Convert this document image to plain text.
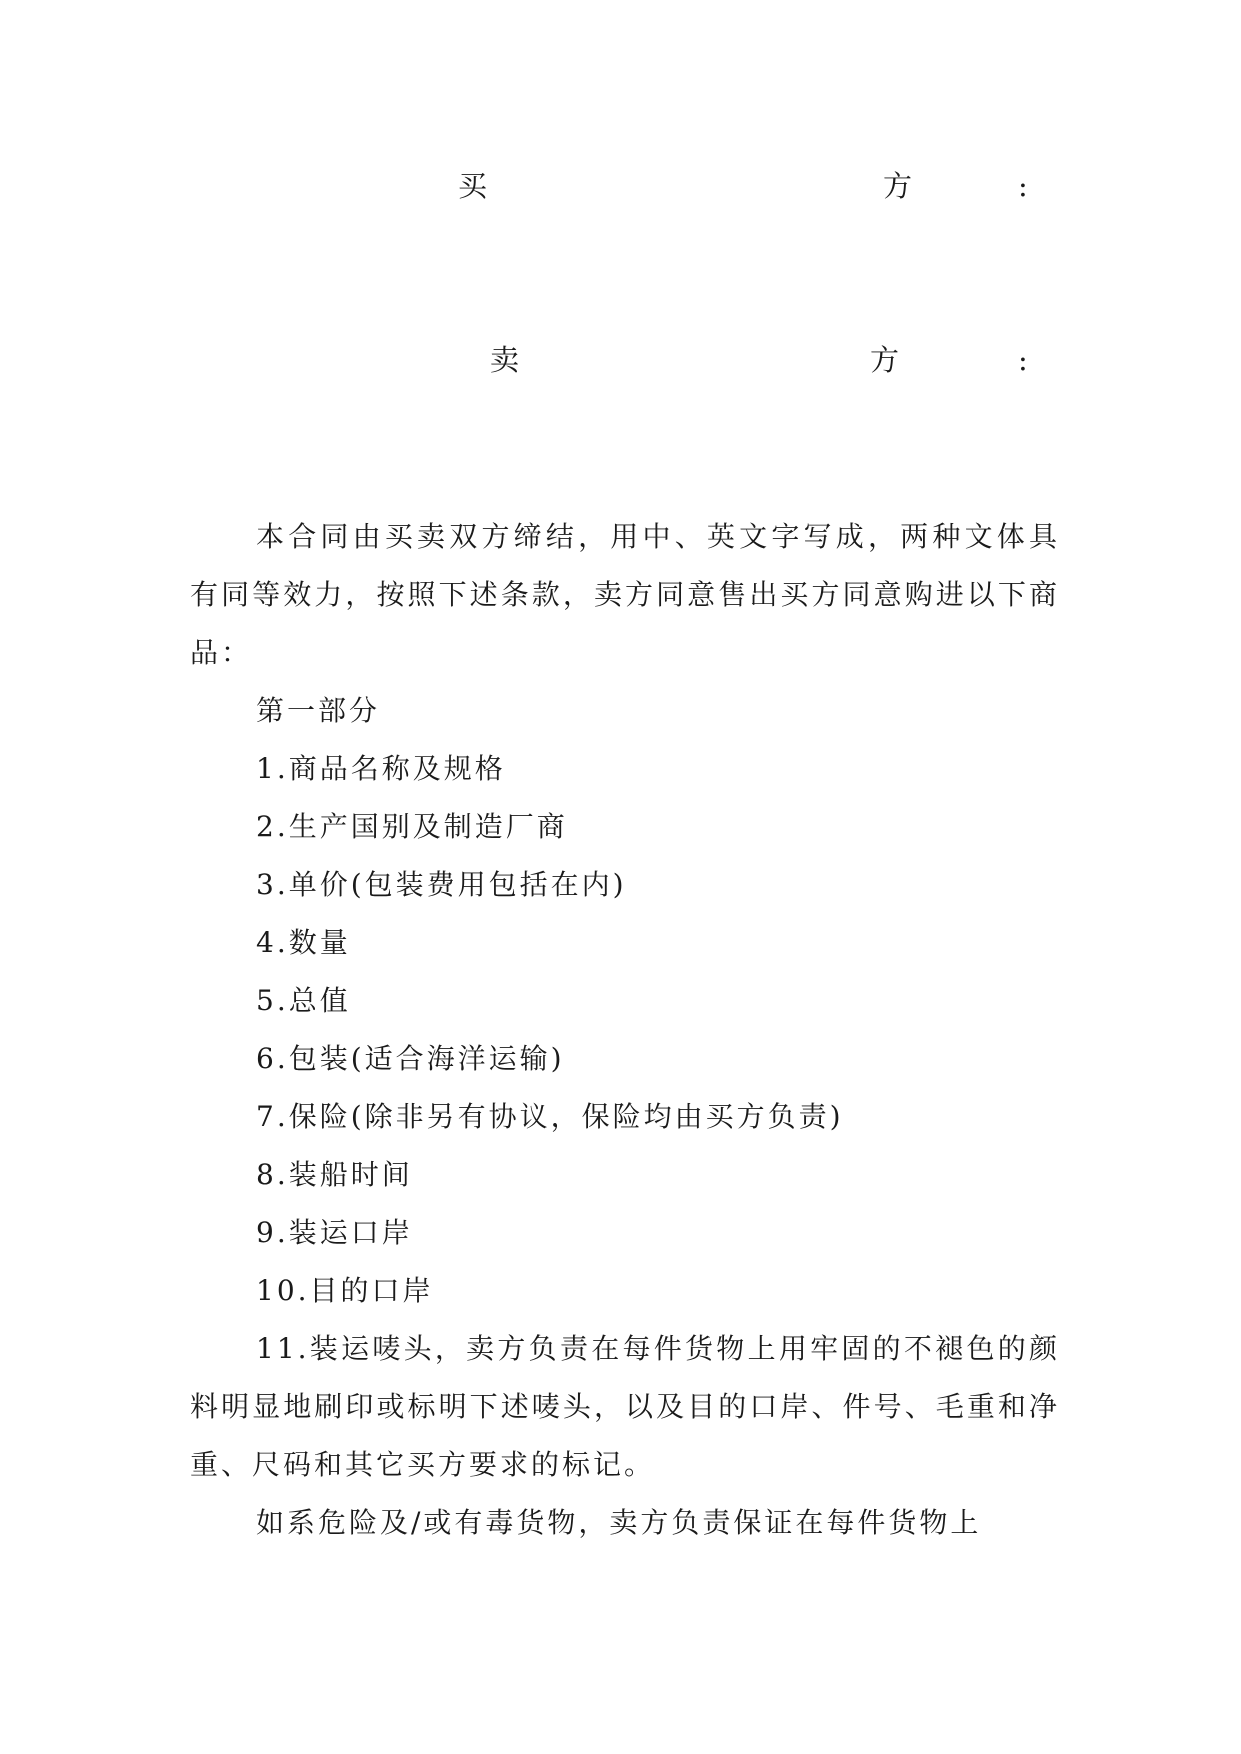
买	方	:
卖	方	:

本合同由买卖双方缔结，用中、英文字写成，两种文体具有同等效力，按照下述条款，卖方同意售出买方同意购进以下商品：

第一部分

1.商品名称及规格

2.生产国别及制造厂商

3.单价(包装费用包括在内)

4.数量

5.总值

6.包装(适合海洋运输)

7.保险(除非另有协议，保险均由买方负责)

8.装船时间

9.装运口岸

10.目的口岸

11.装运唛头，卖方负责在每件货物上用牢固的不褪色的颜料明显地刷印或标明下述唛头，以及目的口岸、件号、毛重和净重、尺码和其它买方要求的标记。

如系危险及/或有毒货物，卖方负责保证在每件货物上
